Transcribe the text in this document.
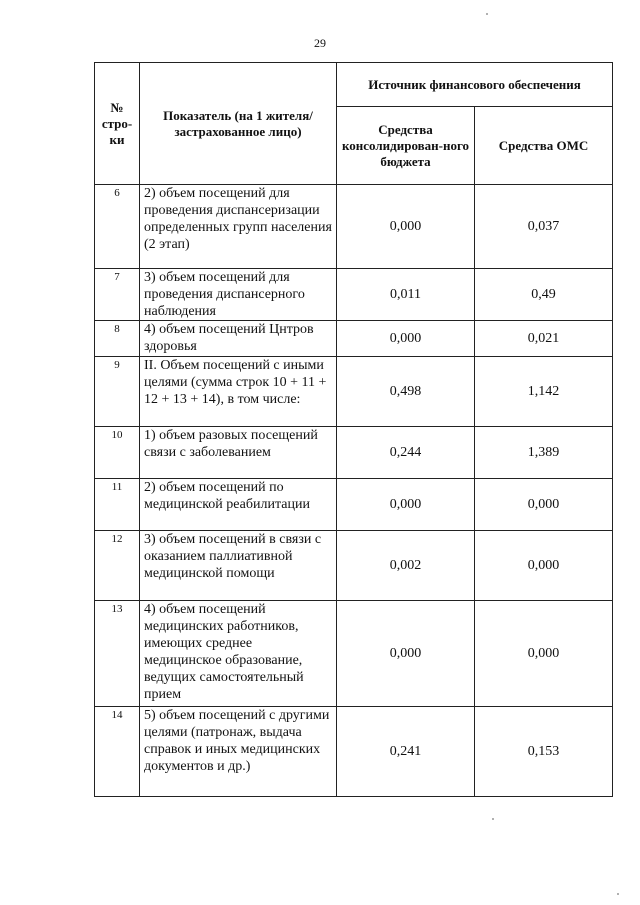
29
№ стро-ки	Показатель (на 1 жителя/ застрахованное лицо)	Источник финансового обеспечения	
		Средства консолидирован-ного бюджета	Средства ОМС
6	2) объем посещений для проведения диспансеризации определенных групп населения (2 этап)	0,000	0,037
7	3) объем посещений для проведения диспансерного наблюдения	0,011	0,49
8	4) объем посещений Цнтров здоровья	0,000	0,021
9	II. Объем посещений с иными целями (сумма строк 10 + 11 + 12 + 13 + 14), в том числе:	0,498	1,142
10	1) объем разовых посещений связи с заболеванием	0,244	1,389
11	2) объем посещений по медицинской реабилитации	0,000	0,000
12	3) объем посещений в связи с оказанием паллиативной медицинской помощи	0,002	0,000
13	4) объем посещений медицинских работников, имеющих среднее медицинское образование, ведущих самостоятельный прием	0,000	0,000
14	5) объем посещений с другими целями (патронаж, выдача справок и иных медицинских документов и др.)	0,241	0,153
